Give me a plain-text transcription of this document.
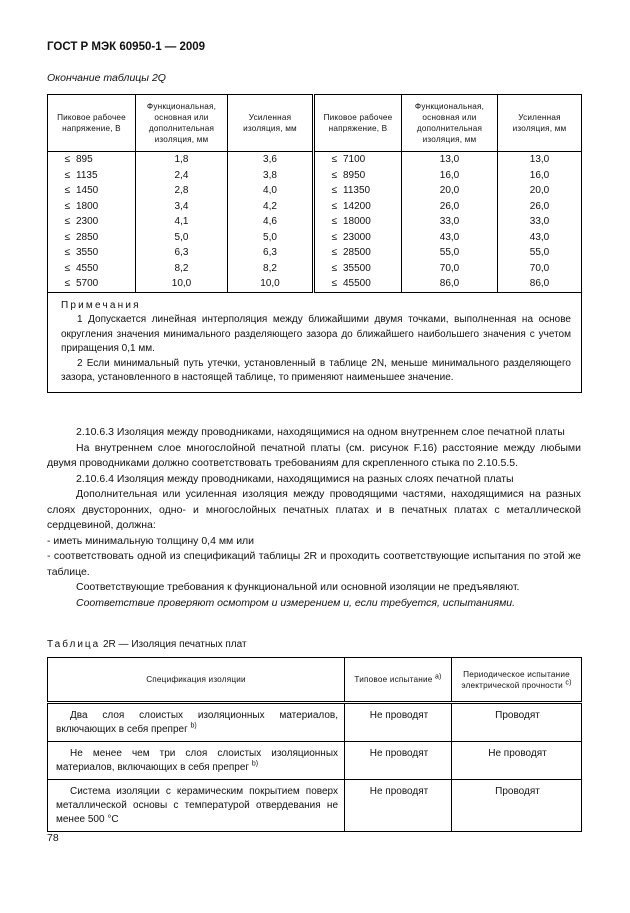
ГОСТ Р МЭК 60950-1 — 2009
Окончание таблицы 2Q
Пиковое рабочее напряжение, В	Функциональная, основная или дополнительная изоляция, мм	Усиленная изоляция, мм	Пиковое рабочее напряжение, В	Функциональная, основная или дополнительная изоляция, мм	Усиленная изоляция, мм
≤ 895	1,8	3,6	≤ 7100	13,0	13,0
≤ 1135	2,4	3,8	≤ 8950	16,0	16,0
≤ 1450	2,8	4,0	≤ 11350	20,0	20,0
≤ 1800	3,4	4,2	≤ 14200	26,0	26,0
≤ 2300	4,1	4,6	≤ 18000	33,0	33,0
≤ 2850	5,0	5,0	≤ 23000	43,0	43,0
≤ 3550	6,3	6,3	≤ 28500	55,0	55,0
≤ 4550	8,2	8,2	≤ 35500	70,0	70,0
≤ 5700	10,0	10,0	≤ 45500	86,0	86,0

Примечания
1 Допускается линейная интерполяция между ближайшими двумя точками, выполненная на основе округления значения минимального разделяющего зазора до ближайшего наибольшего значения с учетом приращения 0,1 мм.
2 Если минимальный путь утечки, установленный в таблице 2N, меньше минимального разделяющего зазора, установленного в настоящей таблице, то применяют наименьшее значение.					

2.10.6.3 Изоляция между проводниками, находящимися на одном внутреннем слое печатной платы

На внутреннем слое многослойной печатной платы (см. рисунок F.16) расстояние между любыми двумя проводниками должно соответствовать требованиям для скрепленного стыка по 2.10.5.5.

2.10.6.4 Изоляция между проводниками, находящимися на разных слоях печатной платы

Дополнительная или усиленная изоляция между проводящими частями, находящимися на разных слоях двусторонних, одно- и многослойных печатных платах и в печатных платах с металлической сердцевиной, должна:

- иметь минимальную толщину 0,4 мм или

- соответствовать одной из спецификаций таблицы 2R и проходить соответствующие испытания по этой же таблице.

Соответствующие требования к функциональной или основной изоляции не предъявляют.

Соответствие проверяют осмотром и измерением и, если требуется, испытаниями.

Таблица 2R — Изоляция печатных плат
Спецификация изоляции	Типовое испытание $^{a)}$	Периодическое испытание электрической прочности $^{c)}$
Два слоя слоистых изоляционных материалов, включающих в себя препрег $^{b)}$	Не проводят	Проводят
Не менее чем три слоя слоистых изоляционных материалов, включающих в себя препрег $^{b)}$	Не проводят	Не проводят
Система изоляции с керамическим покрытием поверх металлической основы с температурой отвердевания не менее 500 °C	Не проводят	Проводят
78
